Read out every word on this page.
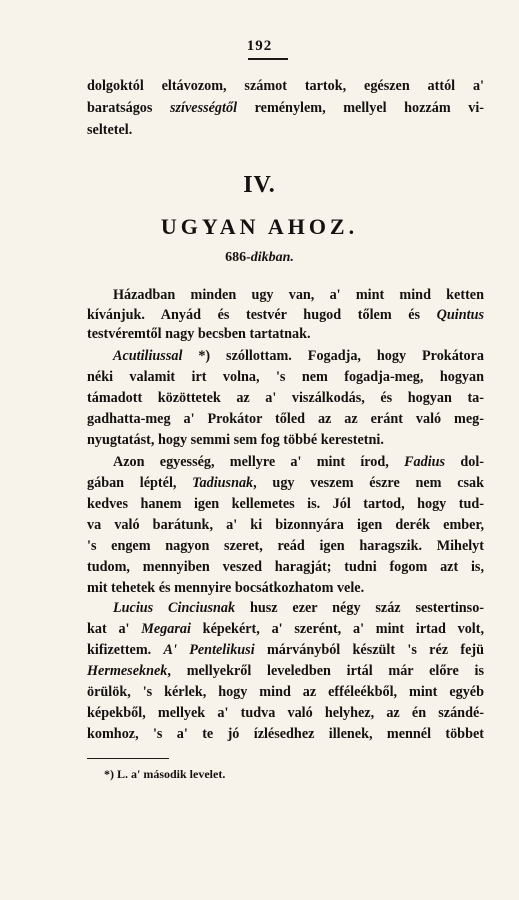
192
dolgoktól eltávozom, számot tartok, egészen attól a'
baratságos szívességtől reménylem, mellyel hozzám vi-
seltetel.
IV.
UGYAN AHOZ.
686-dikban.
Házadban minden ugy van, a' mint mind ketten
kívánjuk. Anyád és testvér hugod tőlem és Quintus
testvéremtől nagy becsben tartatnak.
Acutiliussal *) szóllottam. Fogadja, hogy Prokátora
néki valamit irt volna, 's nem fogadja-meg, hogyan
támadott közöttetek az a' viszálkodás, és hogyan ta-
gadhatta-meg a' Prokátor tőled az az eránt való meg-
nyugtatást, hogy semmi sem fog többé kerestetni.
Azon egyesség, mellyre a' mint írod, Fadius dol-
gában léptél, Tadiusnak, ugy veszem észre nem csak
kedves hanem igen kellemetes is. Jól tartod, hogy tud-
va való barátunk, a' ki bizonnyára igen derék ember,
's engem nagyon szeret, reád igen haragszik. Mihelyt
tudom, mennyiben veszed haragját; tudni fogom azt is,
mit tehetek és mennyire bocsátkozhatom vele.
Lucius Cinciusnak husz ezer négy száz sestertinso-
kat a' Megarai képekért, a' szerént, a' mint irtad volt,
kifizettem. A' Pentelikusi márványból készült 's réz fejü
Hermeseknek, mellyekről leveledben irtál már előre is
örülök, 's kérlek, hogy mind az efféleékből, mint egyéb
képekből, mellyek a' tudva való helyhez, az én szándé-
komhoz, 's a' te jó ízlésedhez illenek, mennél többet
*) L. a' második levelet.
